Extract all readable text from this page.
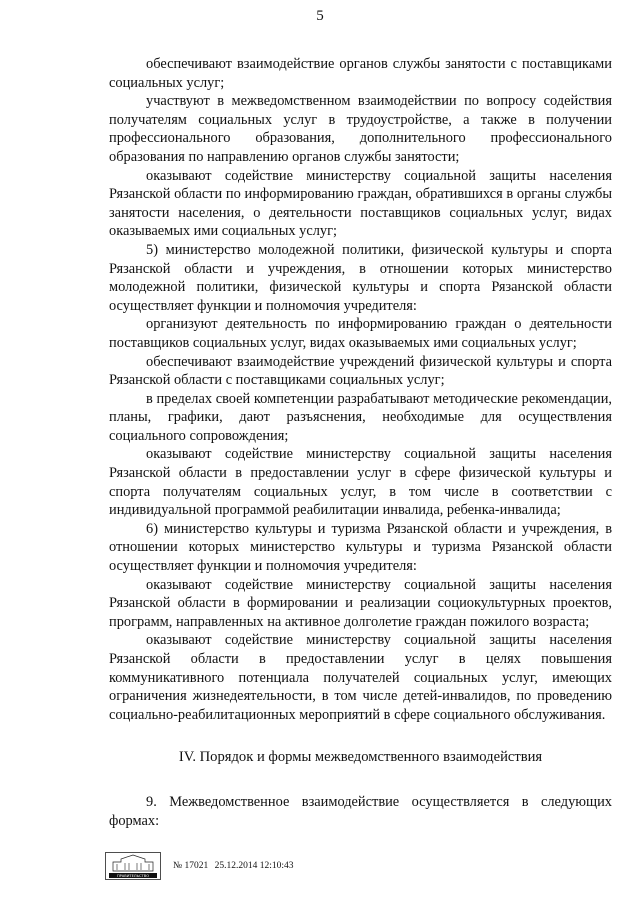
5

обеспечивают взаимодействие органов службы занятости с поставщиками социальных услуг;

участвуют в межведомственном взаимодействии по вопросу содействия получателям социальных услуг в трудоустройстве, а также в получении профессионального образования, дополнительного профессионального образования по направлению органов службы занятости;

оказывают содействие министерству социальной защиты населения Рязанской области по информированию граждан, обратившихся в органы службы занятости населения, о деятельности поставщиков социальных услуг, видах оказываемых ими социальных услуг;

5) министерство молодежной политики, физической культуры и спорта Рязанской области и учреждения, в отношении которых министерство молодежной политики, физической культуры и спорта Рязанской области осуществляет функции и полномочия учредителя:

организуют деятельность по информированию граждан о деятельности поставщиков социальных услуг, видах оказываемых ими социальных услуг;

обеспечивают взаимодействие учреждений физической культуры и спорта Рязанской области с поставщиками социальных услуг;

в пределах своей компетенции разрабатывают методические рекомендации, планы, графики, дают разъяснения, необходимые для осуществления социального сопровождения;

оказывают содействие министерству социальной защиты населения Рязанской области в предоставлении услуг в сфере физической культуры и спорта получателям социальных услуг, в том числе в соответствии с индивидуальной программой реабилитации инвалида, ребенка-инвалида;

6) министерство культуры и туризма Рязанской области и учреждения, в отношении которых министерство культуры и туризма Рязанской области осуществляет функции и полномочия учредителя:

оказывают содействие министерству социальной защиты населения Рязанской области в формировании и реализации социокультурных проектов, программ, направленных на активное долголетие граждан пожилого возраста;

оказывают содействие министерству социальной защиты населения Рязанской области в предоставлении услуг в целях повышения коммуникативного потенциала получателей социальных услуг, имеющих ограничения жизнедеятельности, в том числе детей-инвалидов, по проведению социально-реабилитационных мероприятий в сфере социального обслуживания.

IV. Порядок и формы межведомственного взаимодействия

9. Межведомственное взаимодействие осуществляется в следующих формах:

ПРАВИТЕЛЬСТВО
№ 17021 25.12.2014 12:10:43
